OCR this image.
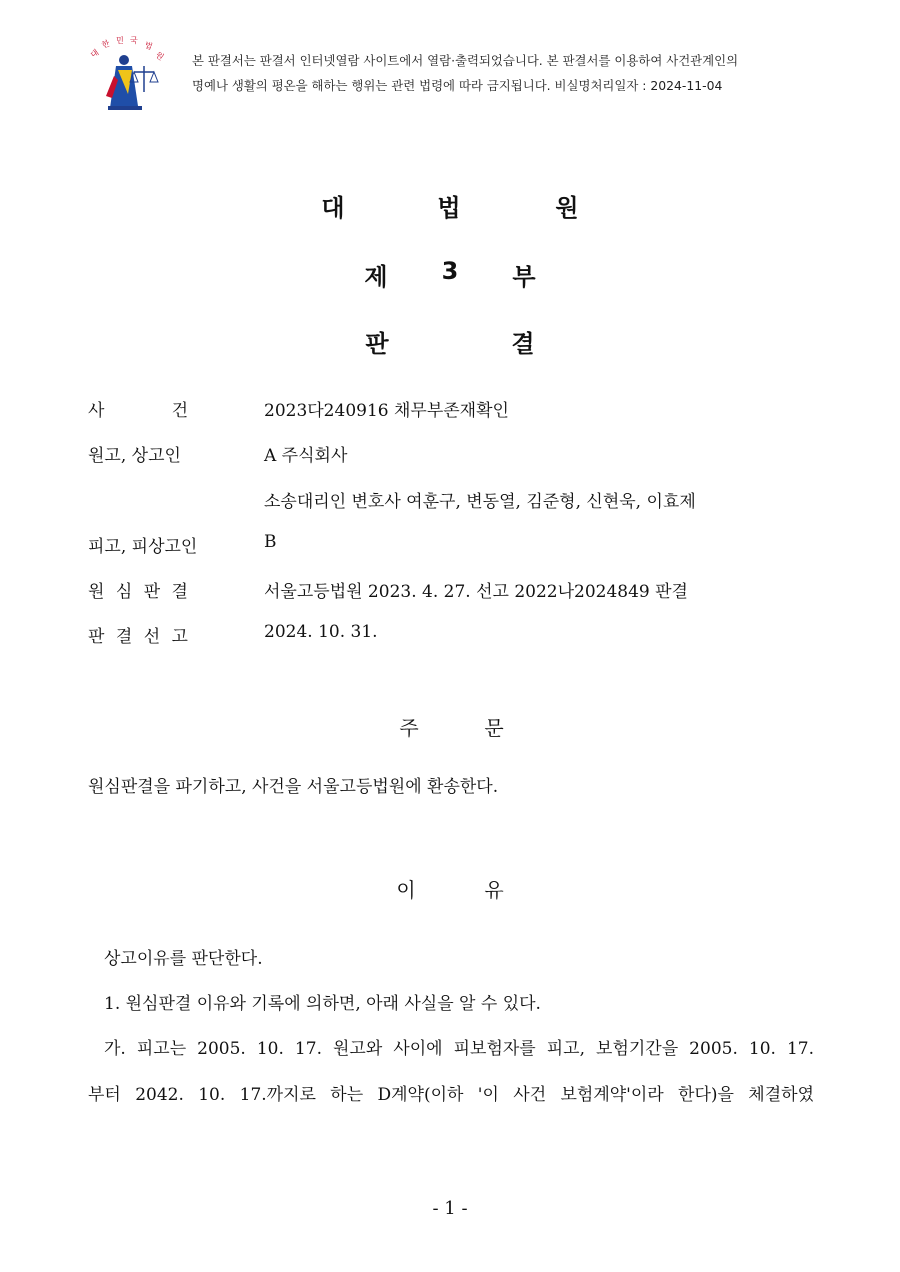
대
한 민 국 법
원 본 판결서는 판결서 인터넷열람 사이트에서 열람·출력되었습니다. 본 판결서를 이용하여 사건관계인의
명예나 생활의 평온을 해하는 행위는 관련 법령에 따라 금지됩니다. 비실명처리일자 : 2024-11-04
대	법	원
제 3 부
판	결
사	건	2023다240916 채무부존재확인
원고, 상고인	A 주식회사
소송대리인 변호사 여훈구, 변동열, 김준형, 신현욱, 이효제
피고, 피상고인	B
원 심 판 결	서울고등법원 2023. 4. 27. 선고 2022나2024849 판결
판 결 선 고	2024. 10. 31.
주	문
원심판결을 파기하고, 사건을 서울고등법원에 환송한다.
이	유
상고이유를 판단한다.
1. 원심판결 이유와 기록에 의하면, 아래 사실을 알 수 있다.
가. 피고는 2005. 10. 17. 원고와 사이에 피보험자를 피고, 보험기간을 2005. 10. 17.
부터 2042. 10. 17.까지로 하는 D계약(이하 '이 사건 보험계약'이라 한다)을 체결하였
- 1 -
